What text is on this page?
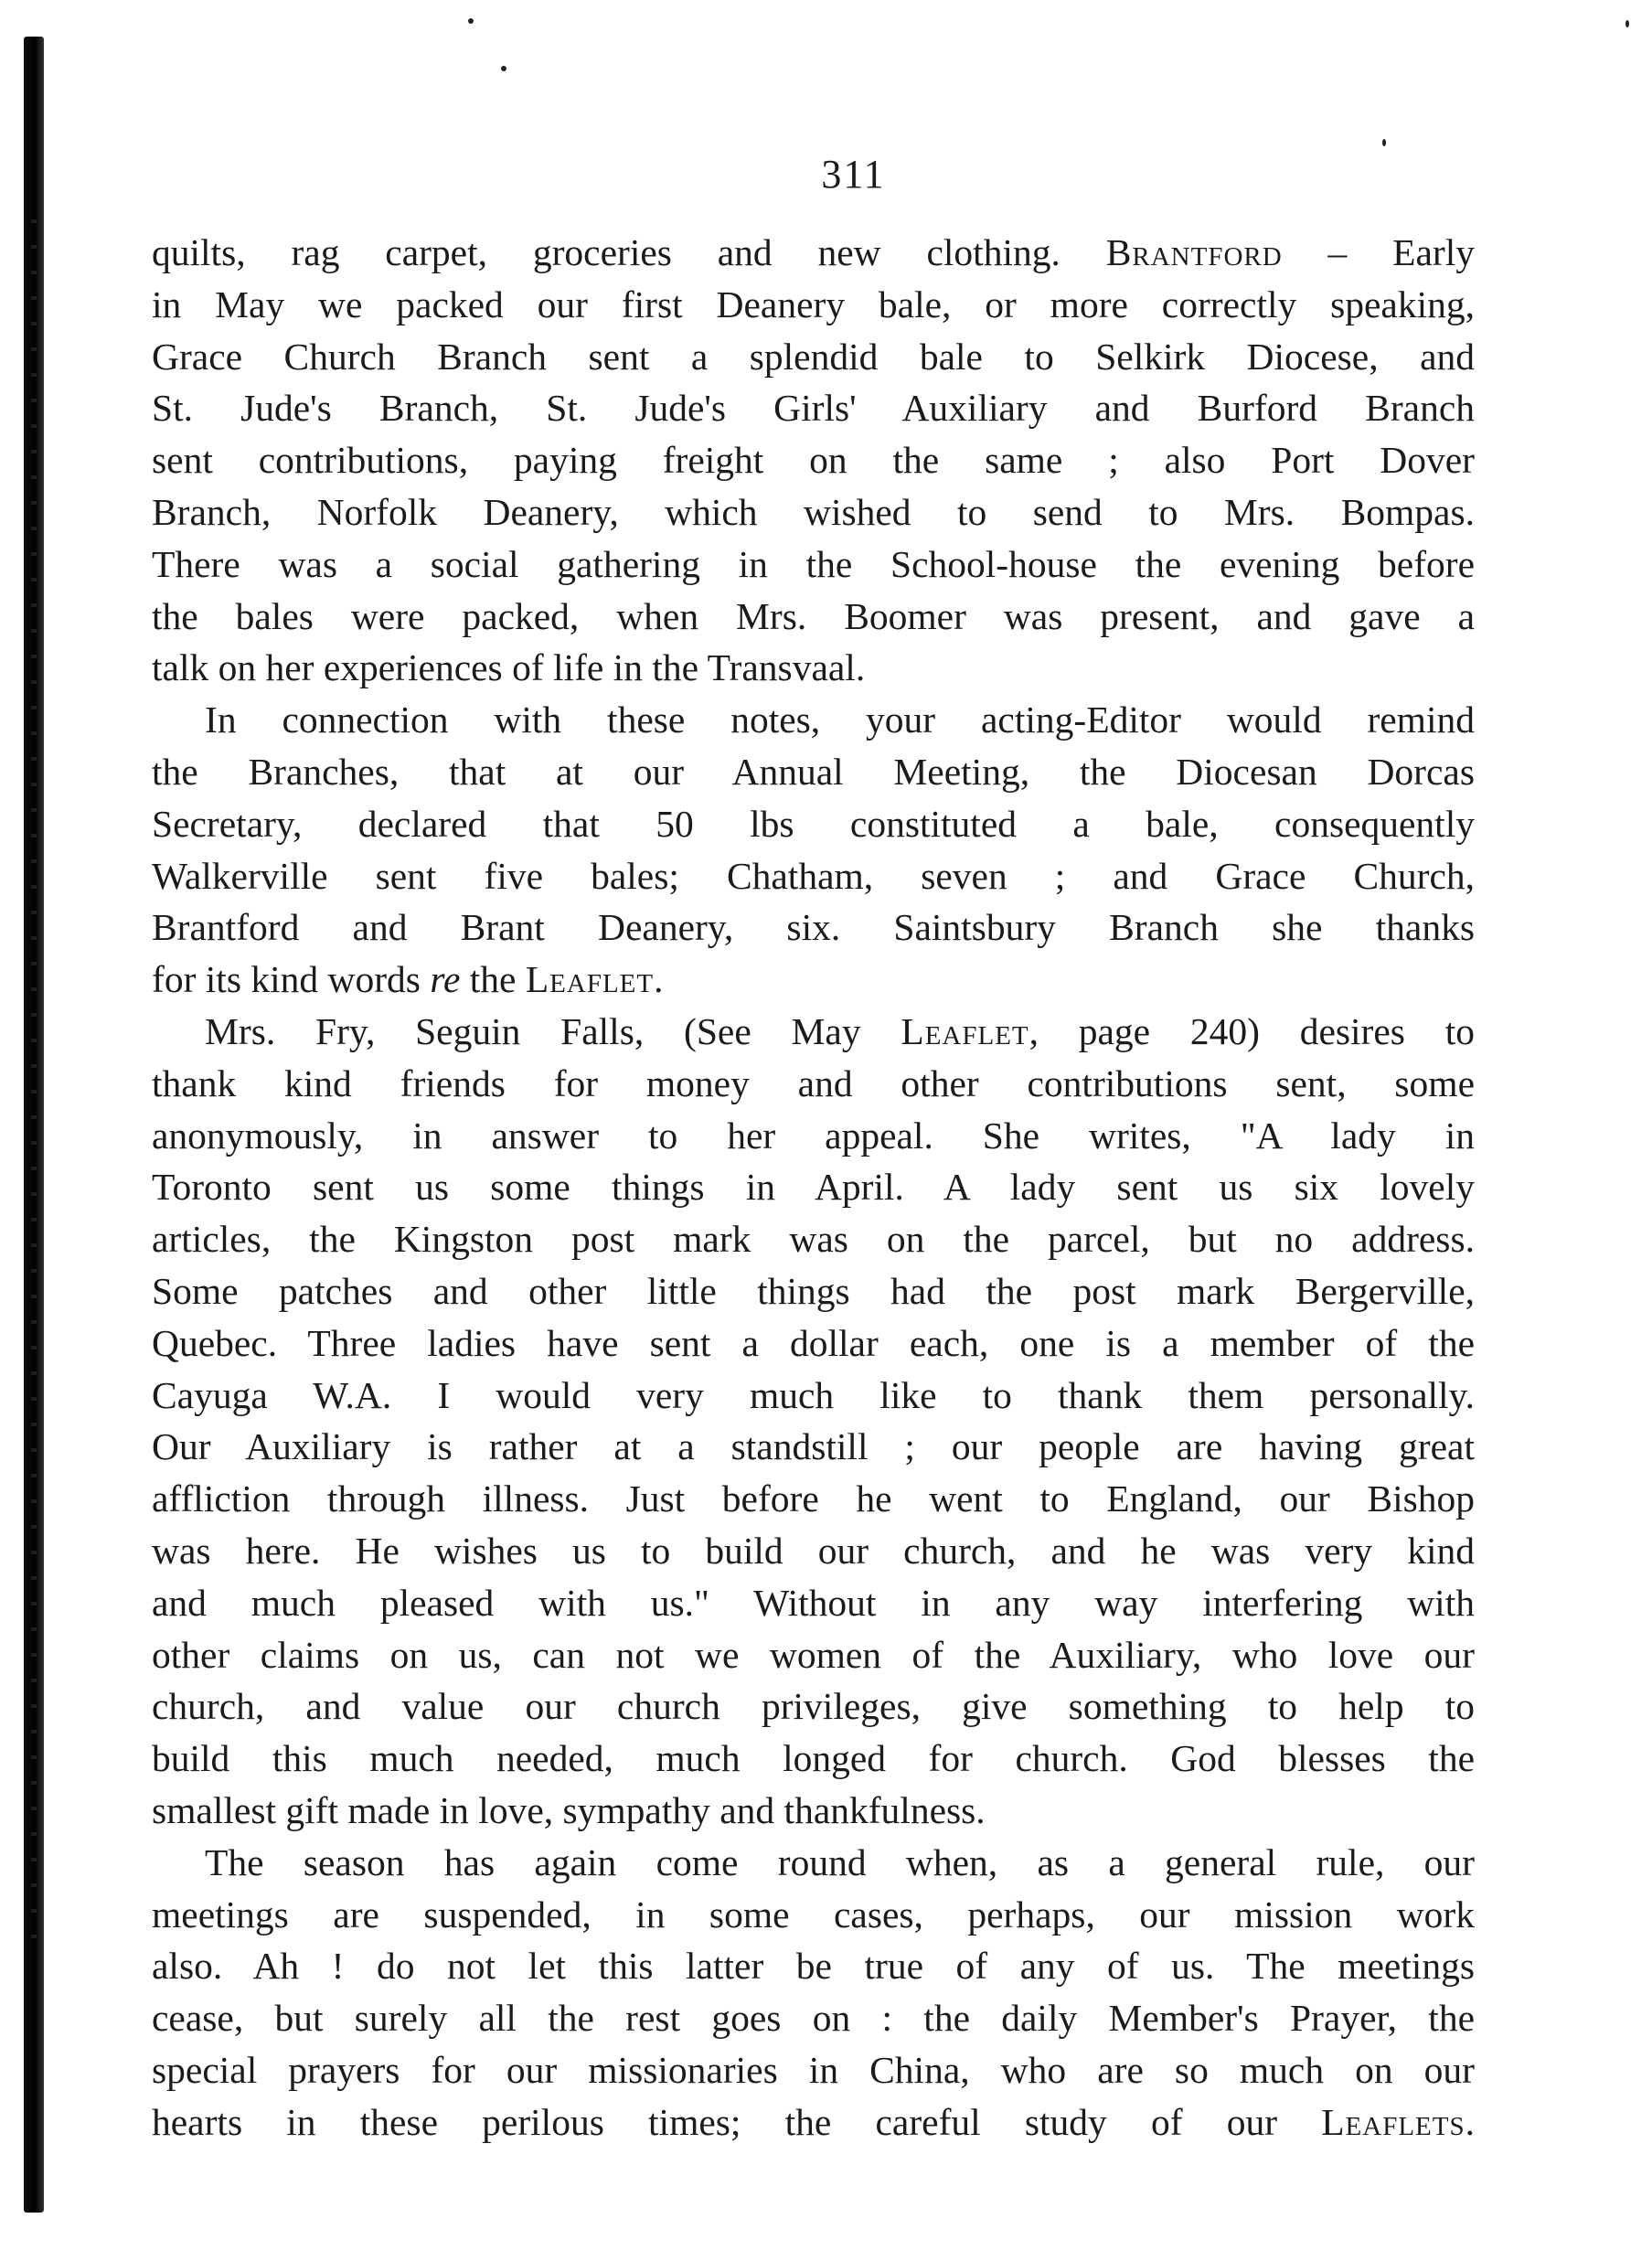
311
quilts, rag carpet, groceries and new clothing. Brantford – Early
in May we packed our first Deanery bale, or more correctly speaking,
Grace Church Branch sent a splendid bale to Selkirk Diocese, and
St. Jude's Branch, St. Jude's Girls' Auxiliary and Burford Branch
sent contributions, paying freight on the same ; also Port Dover
Branch, Norfolk Deanery, which wished to send to Mrs. Bompas.
There was a social gathering in the School-house the evening before
the bales were packed, when Mrs. Boomer was present, and gave a
talk on her experiences of life in the Transvaal.
In connection with these notes, your acting-Editor would remind
the Branches, that at our Annual Meeting, the Diocesan Dorcas
Secretary, declared that 50 lbs constituted a bale, consequently
Walkerville sent five bales; Chatham, seven ; and Grace Church,
Brantford and Brant Deanery, six. Saintsbury Branch she thanks
for its kind words re the Leaflet.
Mrs. Fry, Seguin Falls, (See May Leaflet, page 240) desires to
thank kind friends for money and other contributions sent, some
anonymously, in answer to her appeal. She writes, "A lady in
Toronto sent us some things in April. A lady sent us six lovely
articles, the Kingston post mark was on the parcel, but no address.
Some patches and other little things had the post mark Bergerville,
Quebec. Three ladies have sent a dollar each, one is a member of the
Cayuga W.A. I would very much like to thank them personally.
Our Auxiliary is rather at a standstill ; our people are having great
affliction through illness. Just before he went to England, our Bishop
was here. He wishes us to build our church, and he was very kind
and much pleased with us." Without in any way interfering with
other claims on us, can not we women of the Auxiliary, who love our
church, and value our church privileges, give something to help to
build this much needed, much longed for church. God blesses the
smallest gift made in love, sympathy and thankfulness.
The season has again come round when, as a general rule, our
meetings are suspended, in some cases, perhaps, our mission work
also. Ah ! do not let this latter be true of any of us. The meetings
cease, but surely all the rest goes on : the daily Member's Prayer, the
special prayers for our missionaries in China, who are so much on our
hearts in these perilous times; the careful study of our Leaflets.
